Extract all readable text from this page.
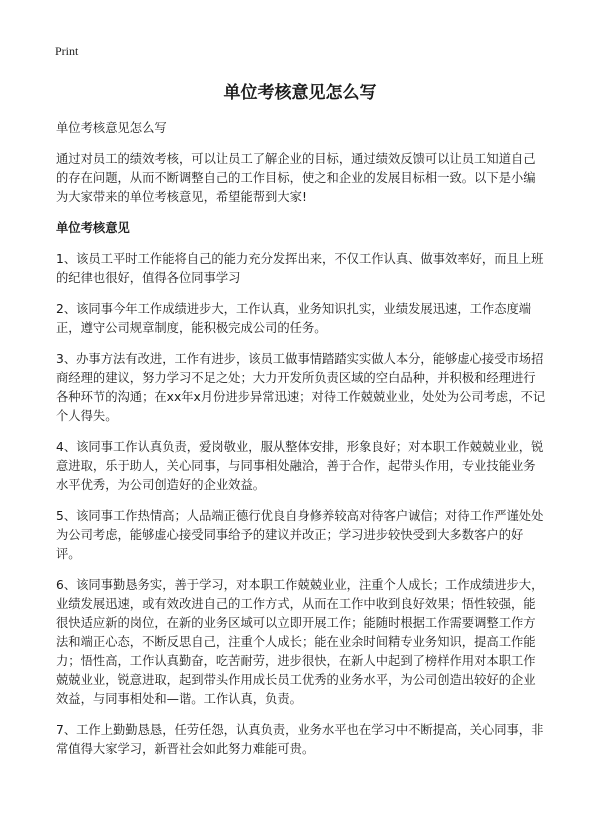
Print
单位考核意见怎么写

单位考核意见怎么写

通过对员工的绩效考核，可以让员工了解企业的目标，通过绩效反馈可以让员工知道自己的存在问题，从而不断调整自己的工作目标，使之和企业的发展目标相一致。以下是小编为大家带来的单位考核意见，希望能帮到大家!

单位考核意见

1、该员工平时工作能将自己的能力充分发挥出来，不仅工作认真、做事效率好，而且上班的纪律也很好，值得各位同事学习

2、该同事今年工作成绩进步大，工作认真，业务知识扎实，业绩发展迅速，工作态度端正，遵守公司规章制度，能积极完成公司的任务。

3、办事方法有改进，工作有进步，该员工做事情踏踏实实做人本分，能够虚心接受市场招商经理的建议，努力学习不足之处；大力开发所负责区域的空白品种，并积极和经理进行各种环节的沟通；在xx年x月份进步异常迅速；对待工作兢兢业业，处处为公司考虑，不记个人得失。

4、该同事工作认真负责，爱岗敬业，服从整体安排，形象良好；对本职工作兢兢业业，锐意进取，乐于助人，关心同事，与同事相处融洽，善于合作，起带头作用，专业技能业务水平优秀，为公司创造好的企业效益。

5、该同事工作热情高；人品端正德行优良自身修养较高对待客户诚信；对待工作严谨处处为公司考虑，能够虚心接受同事给予的建议并改正；学习进步较快受到大多数客户的好评。

6、该同事勤恳务实，善于学习，对本职工作兢兢业业，注重个人成长；工作成绩进步大，业绩发展迅速，或有效改进自己的工作方式，从而在工作中收到良好效果；悟性较强，能很快适应新的岗位，在新的业务区域可以立即开展工作；能随时根据工作需要调整工作方法和端正心态，不断反思自己，注重个人成长；能在业余时间精专业务知识，提高工作能力；悟性高，工作认真勤奋，吃苦耐劳，进步很快，在新人中起到了榜样作用对本职工作兢兢业业，锐意进取，起到带头作用成长员工优秀的业务水平，为公司创造出较好的企业效益，与同事相处和—谐。工作认真，负责。

7、工作上勤勤恳恳，任劳任怨，认真负责，业务水平也在学习中不断提高，关心同事，非常值得大家学习，新晋社会如此努力难能可贵。
